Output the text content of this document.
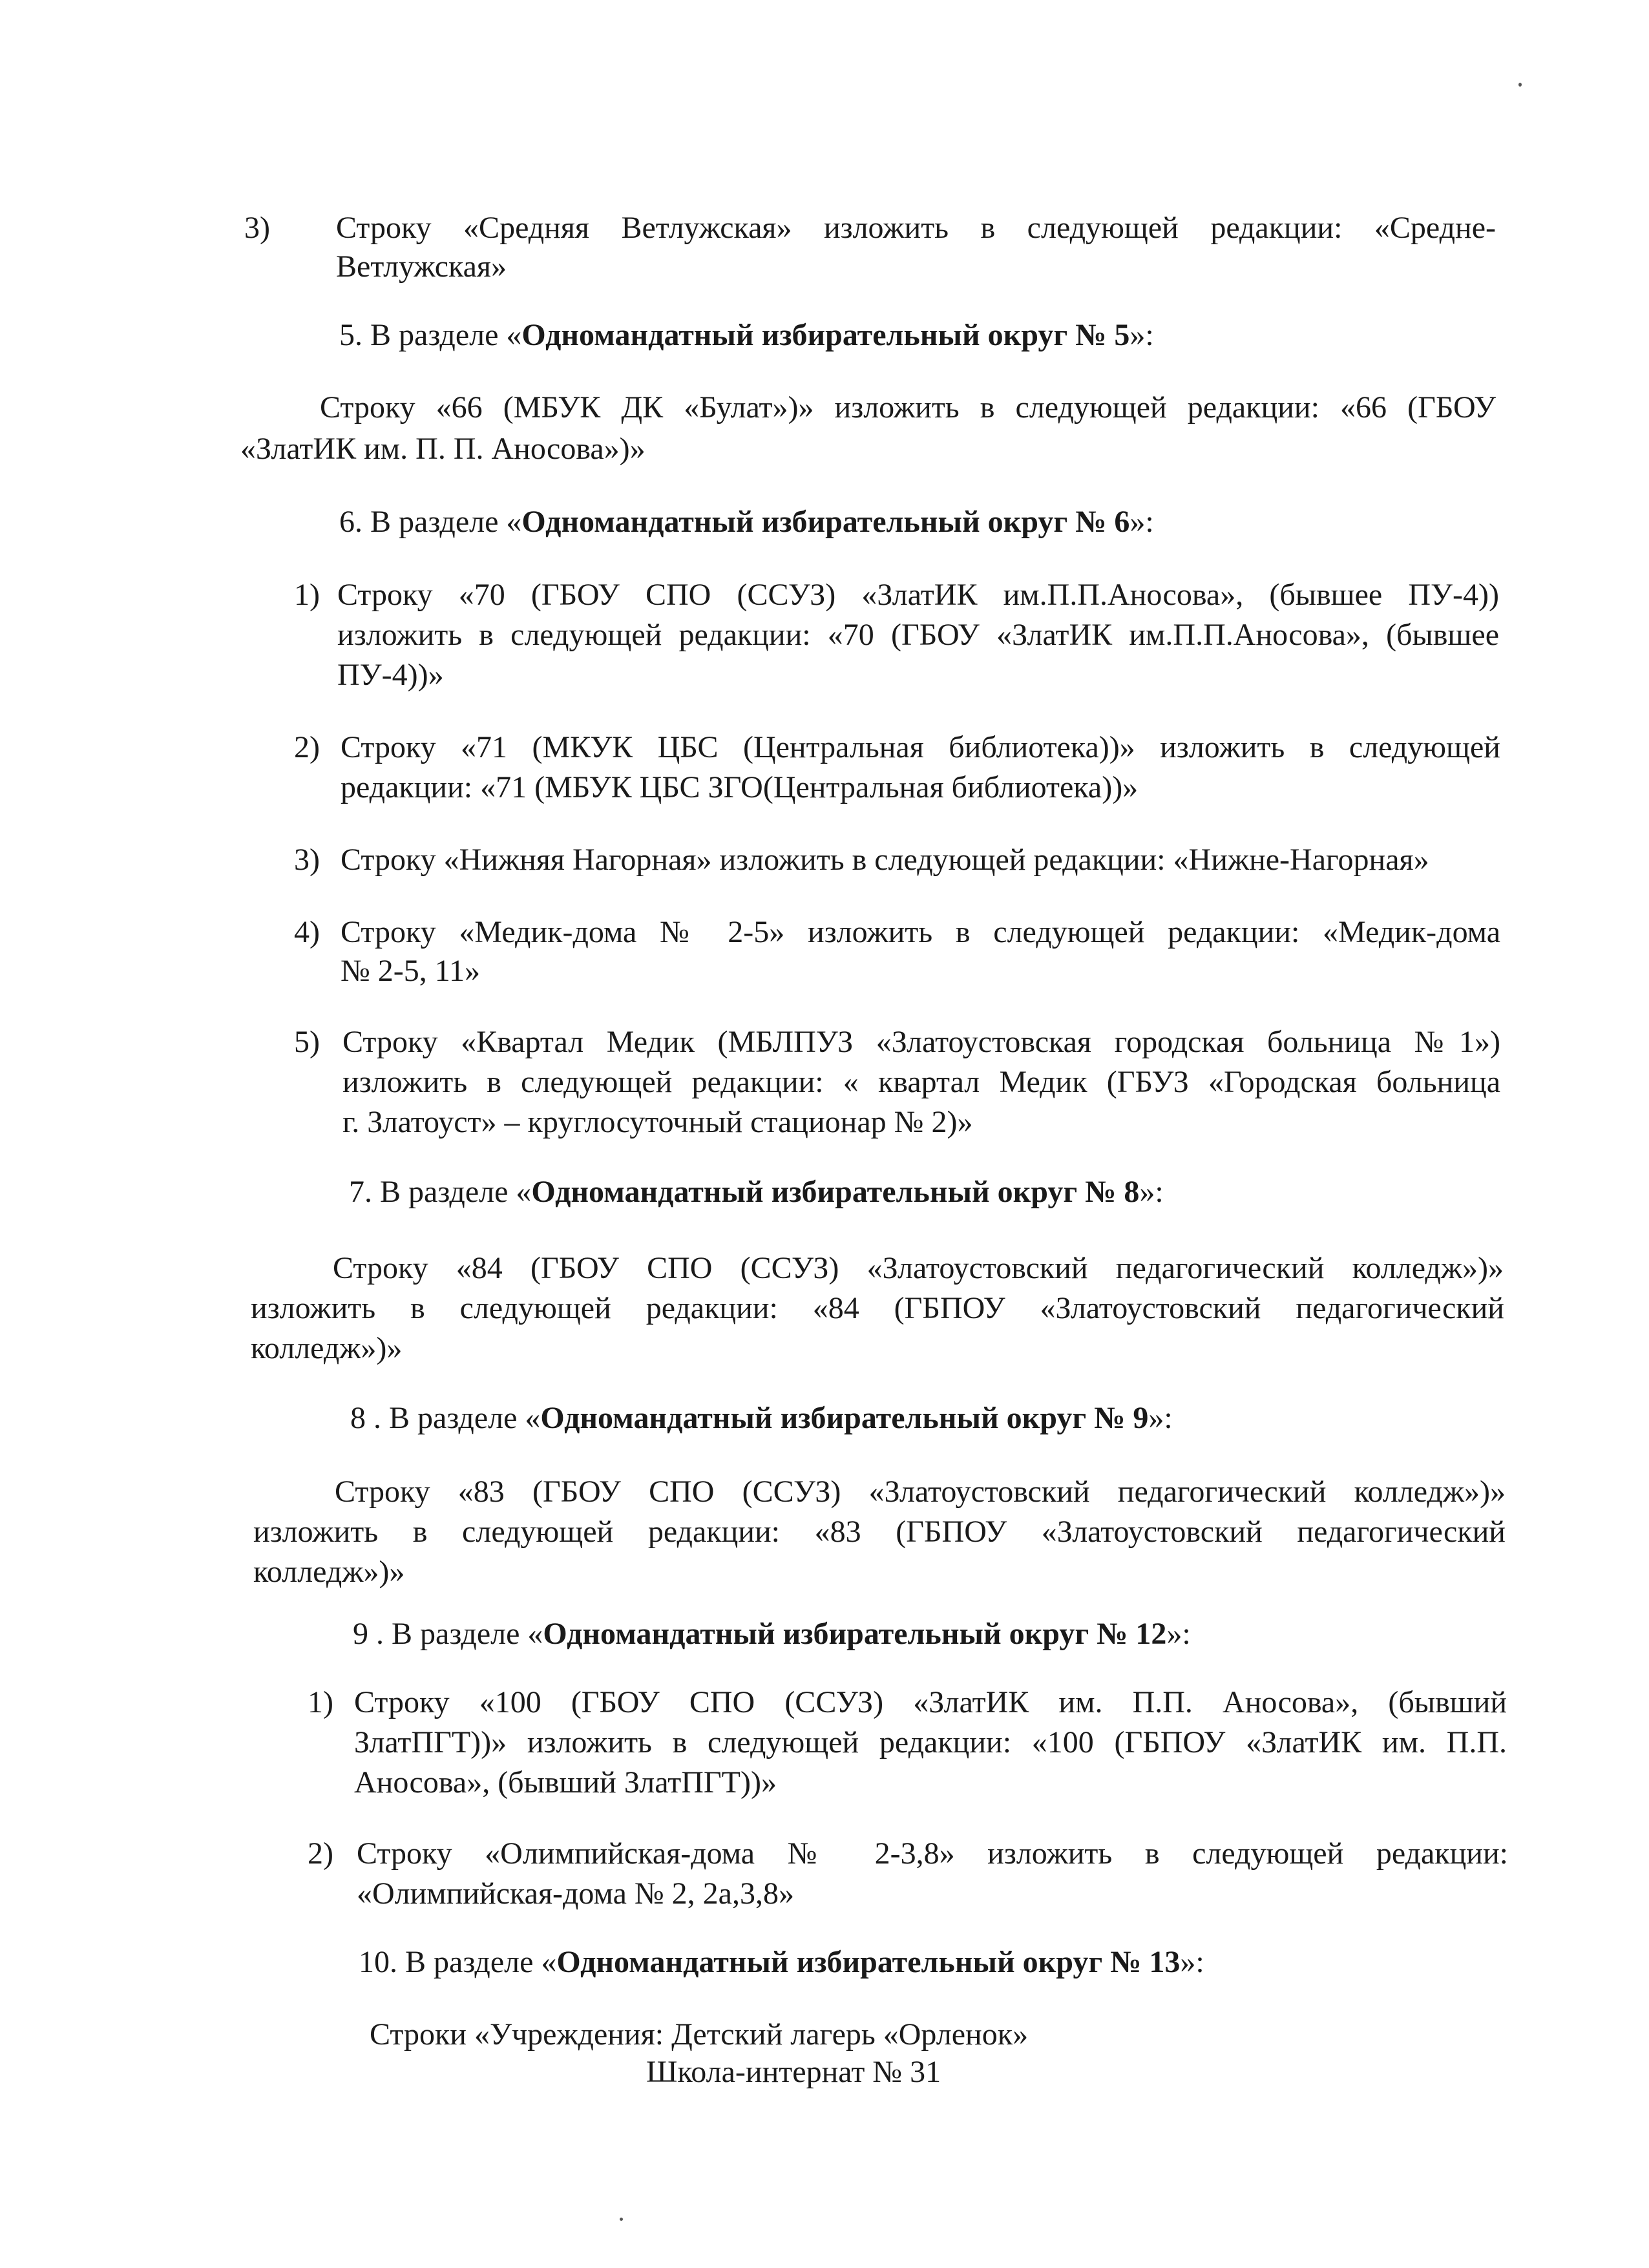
3) Строку «Средняя Ветлужская» изложить в следующей редакции: «Средне-
Ветлужская»
5. В разделе «Одномандатный избирательный округ № 5»:
Строку «66 (МБУК ДК «Булат»)» изложить в следующей редакции: «66 (ГБОУ
«ЗлатИК им. П. П. Аносова»)»
6. В разделе «Одномандатный избирательный округ № 6»:
1) Строку «70 (ГБОУ СПО (ССУЗ) «ЗлатИК им.П.П.Аносова», (бывшее ПУ-4))
изложить в следующей редакции: «70 (ГБОУ «ЗлатИК им.П.П.Аносова», (бывшее
ПУ-4))»
2) Строку «71 (МКУК ЦБС (Центральная библиотека))» изложить в следующей
редакции: «71 (МБУК ЦБС ЗГО(Центральная библиотека))»
3) Строку «Нижняя Нагорная» изложить в следующей редакции: «Нижне-Нагорная»
4) Строку «Медик-дома № 2-5» изложить в следующей редакции: «Медик-дома
№ 2-5, 11»
5) Строку «Квартал Медик (МБЛПУЗ «Златоустовская городская больница №1»)
изложить в следующей редакции: « квартал Медик (ГБУЗ «Городская больница
г. Златоуст» – круглосуточный стационар № 2)»
7. В разделе «Одномандатный избирательный округ № 8»:
Строку «84 (ГБОУ СПО (ССУЗ) «Златоустовский педагогический колледж»)»
изложить в следующей редакции: «84 (ГБПОУ «Златоустовский педагогический
колледж»)»
8 . В разделе «Одномандатный избирательный округ № 9»:
Строку «83 (ГБОУ СПО (ССУЗ) «Златоустовский педагогический колледж»)»
изложить в следующей редакции: «83 (ГБПОУ «Златоустовский педагогический
колледж»)»
9 . В разделе «Одномандатный избирательный округ № 12»:
1) Строку «100 (ГБОУ СПО (ССУЗ) «ЗлатИК им. П.П. Аносова», (бывший
ЗлатПГТ))» изложить в следующей редакции: «100 (ГБПОУ «ЗлатИК им. П.П.
Аносова», (бывший ЗлатПГТ))»
2) Строку «Олимпийская-дома № 2-3,8» изложить в следующей редакции:
«Олимпийская-дома № 2, 2а,3,8»
10. В разделе «Одномандатный избирательный округ № 13»:
Строки «Учреждения: Детский лагерь «Орленок»
Школа-интернат № 31
